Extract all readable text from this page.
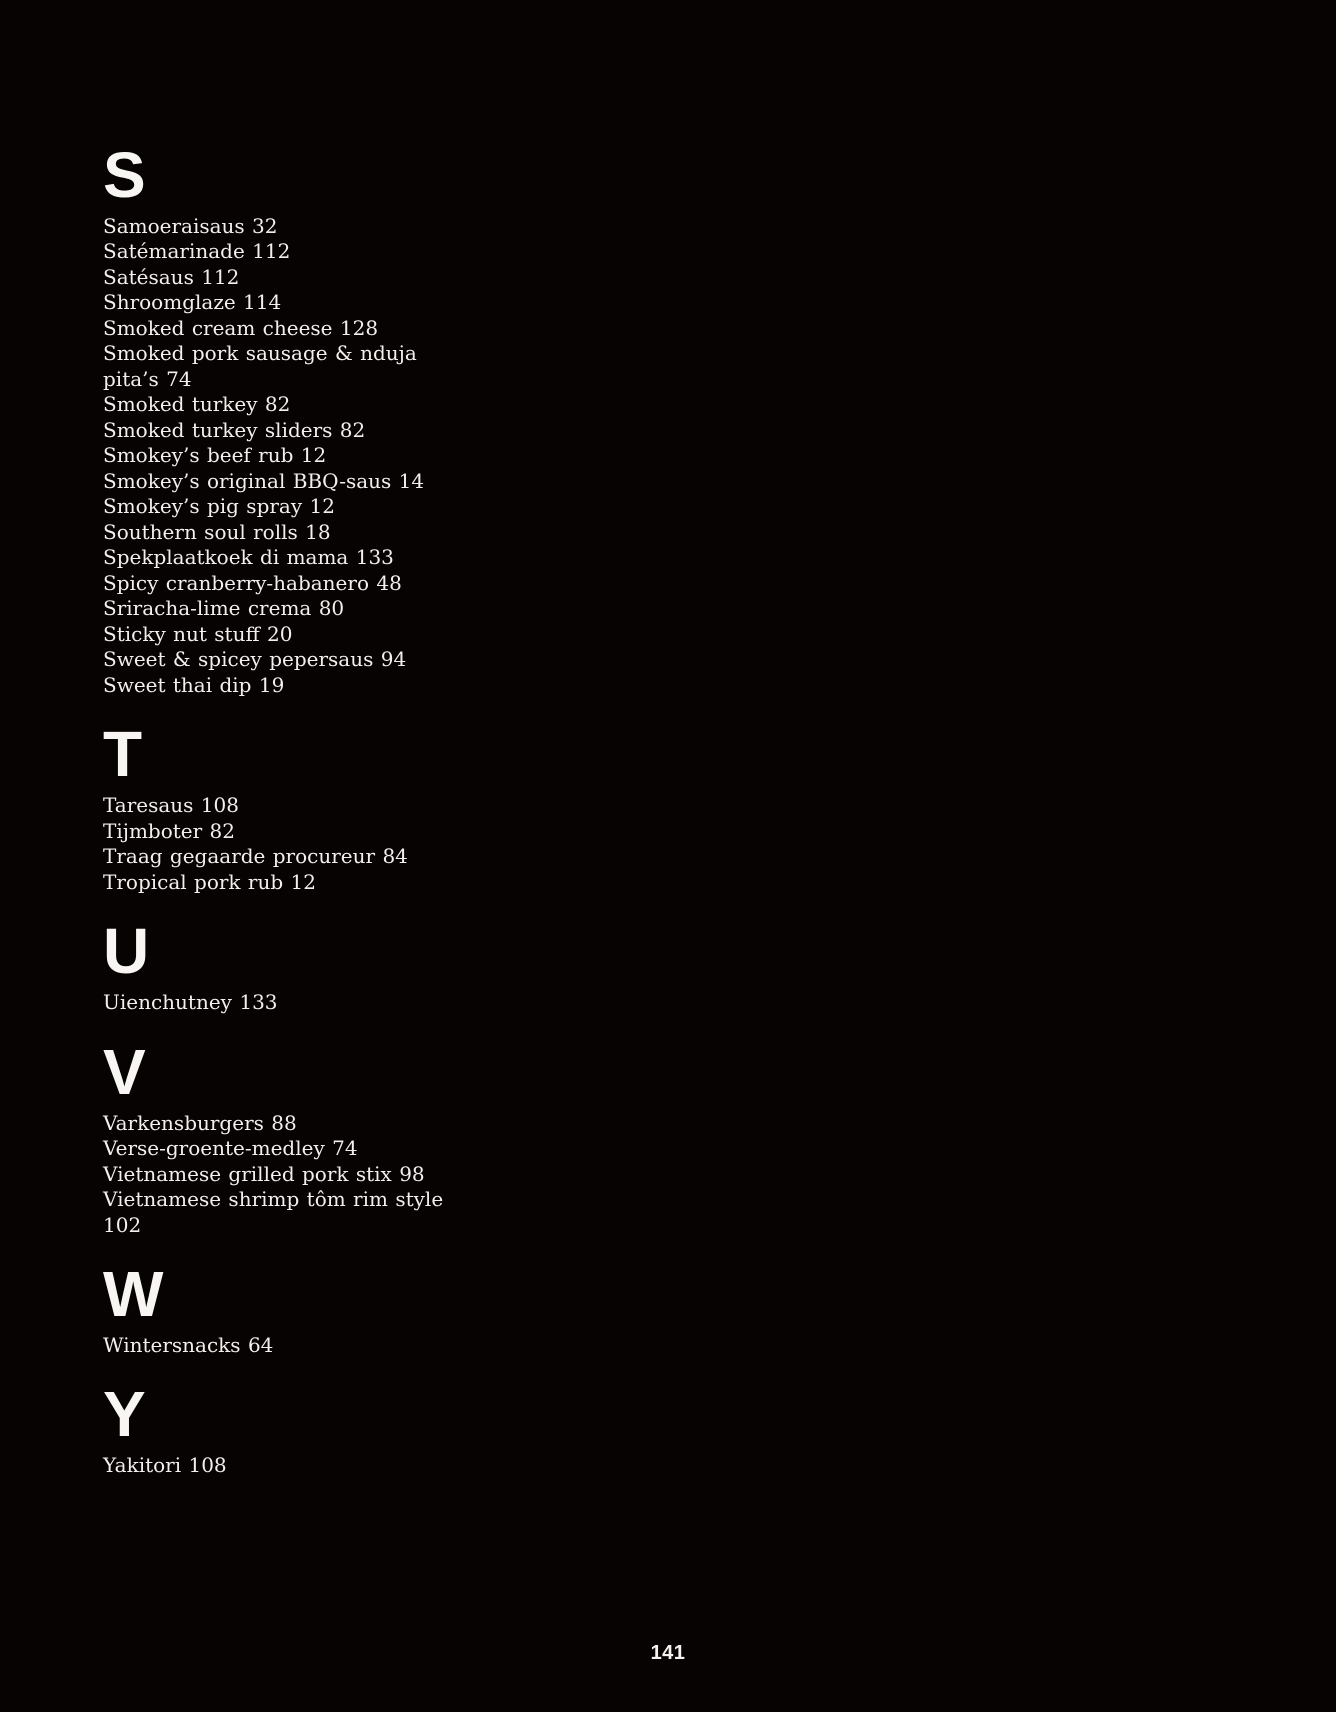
S

Samoeraisaus 32

Satémarinade 112

Satésaus 112

Shroomglaze 114

Smoked cream cheese 128

Smoked pork sausage & nduja pita’s 74

Smoked turkey 82

Smoked turkey sliders 82

Smokey’s beef rub 12

Smokey’s original BBQ-saus 14

Smokey’s pig spray 12

Southern soul rolls 18

Spekplaatkoek di mama 133

Spicy cranberry-habanero 48

Sriracha-lime crema 80

Sticky nut stuff 20

Sweet & spicey pepersaus 94

Sweet thai dip 19

T

Taresaus 108

Tijmboter 82

Traag gegaarde procureur 84

Tropical pork rub 12

U

Uienchutney 133

V

Varkensburgers 88

Verse-groente-medley 74

Vietnamese grilled pork stix 98

Vietnamese shrimp tôm rim style 102

W

Wintersnacks 64

Y

Yakitori 108

141
